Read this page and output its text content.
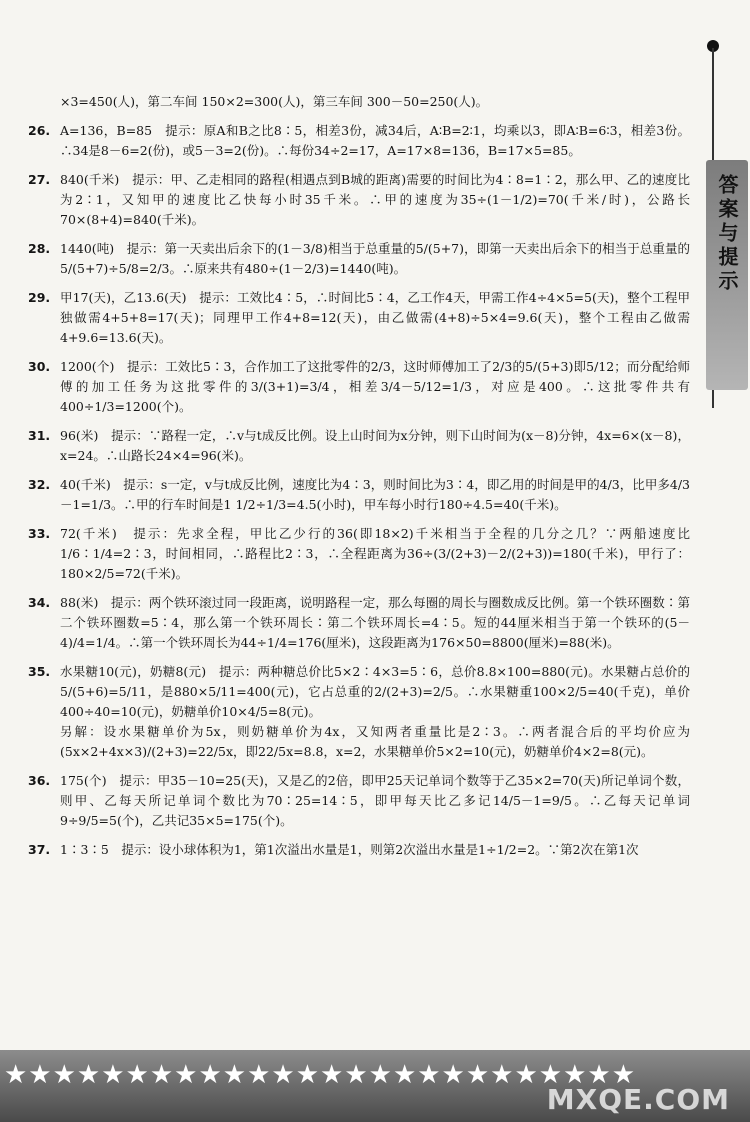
答案与提示

×3=450(人)，第二车间 150×2=300(人)，第三车间 300－50=250(人)。

26. A=136，B=85　提示：原A和B之比8∶5，相差3份，减34后，A∶B=2∶1，均乘以3，即A∶B=6∶3，相差3份。∴34是8－6=2(份)，或5－3=2(份)。∴每份34÷2=17，A=17×8=136，B=17×5=85。

27. 840(千米)　提示：甲、乙走相同的路程(相遇点到B城的距离)需要的时间比为4∶8=1∶2，那么甲、乙的速度比为2∶1，又知甲的速度比乙快每小时35千米。∴甲的速度为35÷(1－1/2)=70(千米/时)，公路长70×(8+4)=840(千米)。

28. 1440(吨)　提示：第一天卖出后余下的(1－3/8)相当于总重量的5/(5+7)，即第一天卖出后余下的相当于总重量的5/(5+7)÷5/8=2/3。∴原来共有480÷(1－2/3)=1440(吨)。

29. 甲17(天)，乙13.6(天)　提示：工效比4∶5，∴时间比5∶4，乙工作4天，甲需工作4÷4×5=5(天)，整个工程甲独做需4+5+8=17(天)；同理甲工作4+8=12(天)，由乙做需(4+8)÷5×4=9.6(天)，整个工程由乙做需4+9.6=13.6(天)。

30. 1200(个)　提示：工效比5∶3，合作加工了这批零件的2/3，这时师傅加工了2/3的5/(5+3)即5/12；而分配给师傅的加工任务为这批零件的3/(3+1)=3/4，相差3/4－5/12=1/3，对应是400。∴这批零件共有400÷1/3=1200(个)。

31. 96(米)　提示：∵路程一定，∴v与t成反比例。设上山时间为x分钟，则下山时间为(x－8)分钟，4x=6×(x－8)，x=24。∴山路长24×4=96(米)。

32. 40(千米)　提示：s一定，v与t成反比例，速度比为4∶3，则时间比为3∶4，即乙用的时间是甲的4/3，比甲多4/3－1=1/3。∴甲的行车时间是1 1/2÷1/3=4.5(小时)，甲车每小时行180÷4.5=40(千米)。

33. 72(千米)　提示：先求全程，甲比乙少行的36(即18×2)千米相当于全程的几分之几？∵两船速度比1/6∶1/4=2∶3，时间相同，∴路程比2∶3，∴全程距离为36÷(3/(2+3)－2/(2+3))=180(千米)，甲行了：180×2/5=72(千米)。

34. 88(米)　提示：两个铁环滚过同一段距离，说明路程一定，那么每圈的周长与圈数成反比例。第一个铁环圈数∶第二个铁环圈数=5∶4，那么第一个铁环周长∶第二个铁环周长=4∶5。短的44厘米相当于第一个铁环的(5－4)/4=1/4。∴第一个铁环周长为44÷1/4=176(厘米)，这段距离为176×50=8800(厘米)=88(米)。

35. 水果糖10(元)，奶糖8(元)　提示：两种糖总价比5×2∶4×3=5∶6，总价8.8×100=880(元)。水果糖占总价的5/(5+6)=5/11，是880×5/11=400(元)，它占总重的2/(2+3)=2/5。∴水果糖重100×2/5=40(千克)，单价400÷40=10(元)，奶糖单价10×4/5=8(元)。

另解：设水果糖单价为5x，则奶糖单价为4x，又知两者重量比是2∶3。∴两者混合后的平均价应为(5x×2+4x×3)/(2+3)=22/5x，即22/5x=8.8，x=2，水果糖单价5×2=10(元)，奶糖单价4×2=8(元)。

36. 175(个)　提示：甲35－10=25(天)，又是乙的2倍，即甲25天记单词个数等于乙35×2=70(天)所记单词个数，则甲、乙每天所记单词个数比为70∶25=14∶5，即甲每天比乙多记14/5－1=9/5。∴乙每天记单词9÷9/5=5(个)，乙共记35×5=175(个)。

37. 1∶3∶5　提示：设小球体积为1，第1次溢出水量是1，则第2次溢出水量是1÷1/2=2。∵第2次在第1次

★★★★★★★★★★★★★★★★★★★★★★★★★★
MXQE.COM
